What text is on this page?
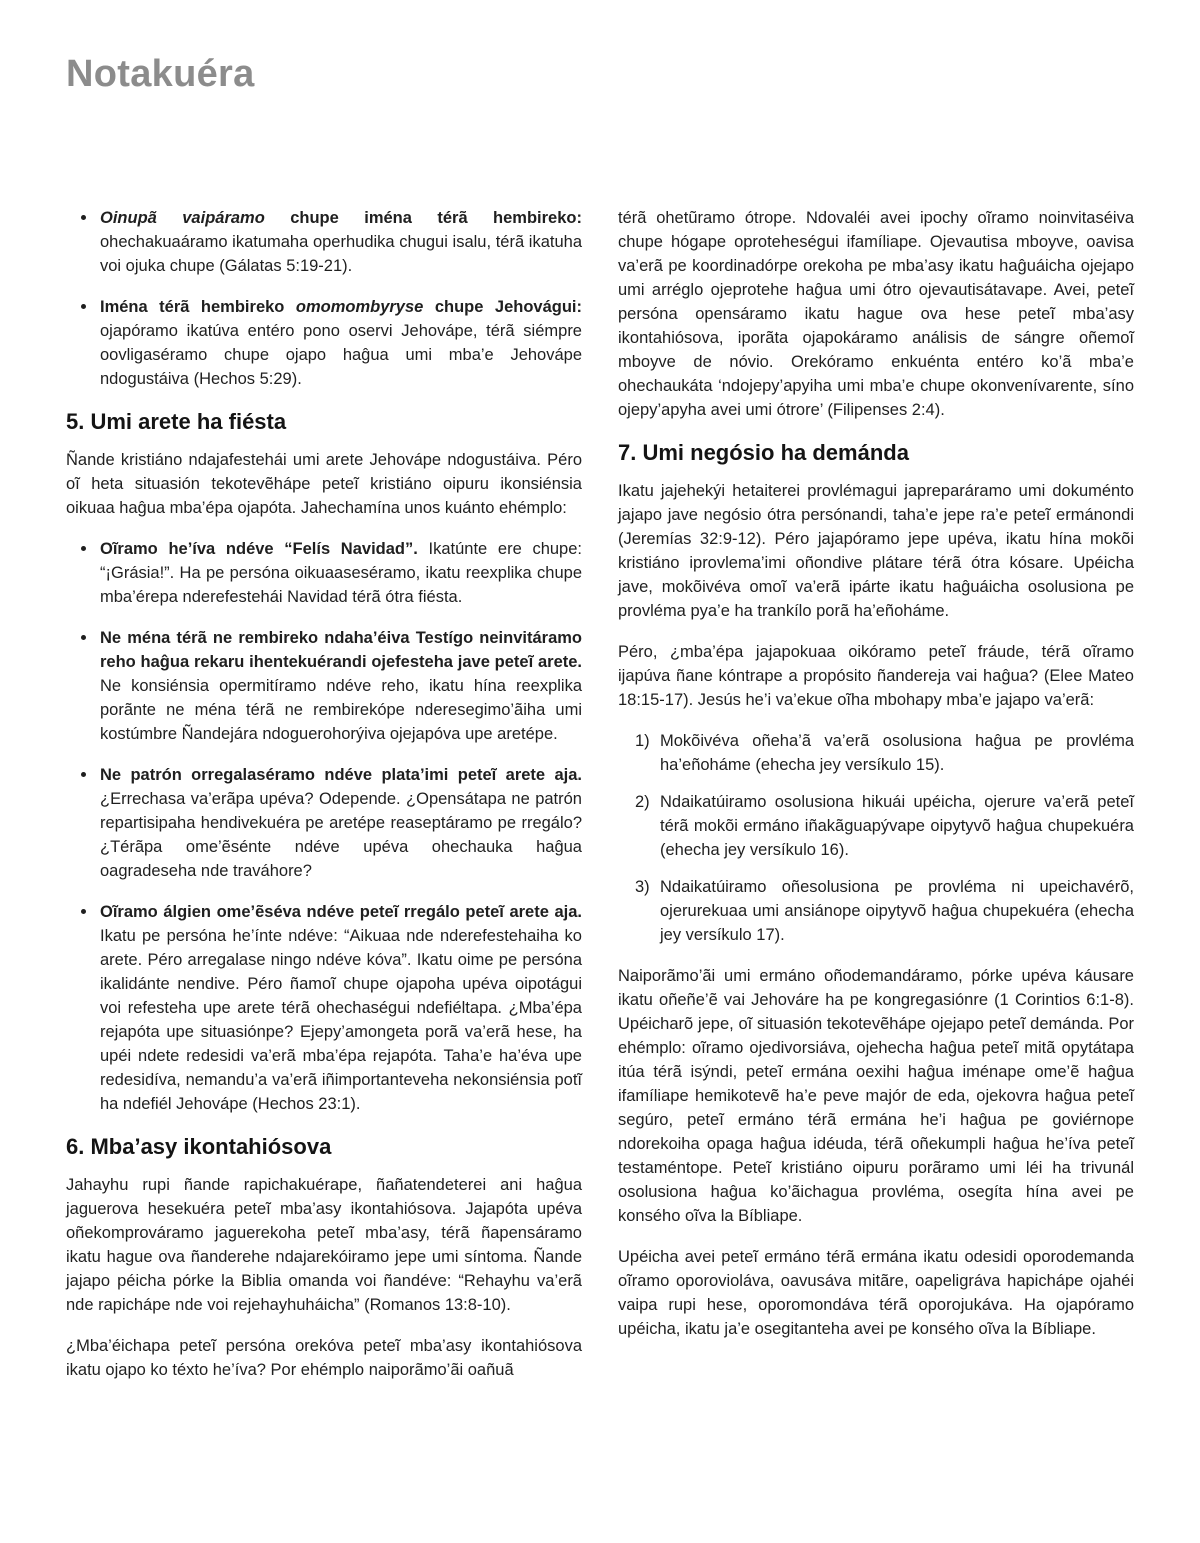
Notakuéra
Oinupã vaipáramo chupe iména térã hembireko: ohechakuaáramo ikatumaha operhudika chugui isalu, térã ikatuha voi ojuka chupe (Gálatas 5:19-21).
Iména térã hembireko omomombyryse chupe Jehovágui: ojapóramo ikatúva entéro pono oservi Jehovápe, térã siémpre oovligaséramo chupe ojapo haĝua umi mba’e Jehovápe ndogustáiva (Hechos 5:29).
5. Umi arete ha fiésta

Ñande kristiáno ndajafestehái umi arete Jehovápe ndogustáiva. Péro oĩ heta situasión tekotevẽhápe peteĩ kristiáno oipuru ikonsiénsia oikuaa haĝua mba’épa ojapóta. Jahechamína unos kuánto ehémplo:

Oĩramo he’íva ndéve “Felís Navidad”. Ikatúnte ere chupe: “¡Grásia!”. Ha pe persóna oikuaaseséramo, ikatu reexplika chupe mba’érepa nderefestehái Navidad térã ótra fiésta.
Ne ména térã ne rembireko ndaha’éiva Testígo neinvitáramo reho haĝua rekaru ihentekuérandi ojefesteha jave peteĩ arete. Ne konsiénsia opermitíramo ndéve reho, ikatu hína reexplika porãnte ne ména térã ne rembirekópe nderesegimo’ãiha umi kostúmbre Ñandejára ndoguerohorýiva ojejapóva upe aretépe.
Ne patrón orregalaséramo ndéve plata’imi peteĩ arete aja. ¿Errechasa va’erãpa upéva? Odepende. ¿Opensátapa ne patrón repartisipaha hendivekuéra pe aretépe reaseptáramo pe rregálo? ¿Térãpa ome’ẽsénte ndéve upéva ohechauka haĝua oagradeseha nde traváhore?
Oĩramo álgien ome’ẽséva ndéve peteĩ rregálo peteĩ arete aja. Ikatu pe persóna he’ínte ndéve: “Aikuaa nde nderefestehaiha ko arete. Péro arregalase ningo ndéve kóva”. Ikatu oime pe persóna ikalidánte nendive. Péro ñamoĩ chupe ojapoha upéva oipotágui voi refesteha upe arete térã ohechaségui ndefiéltapa. ¿Mba’épa rejapóta upe situasiónpe? Ejepy’amongeta porã va’erã hese, ha upéi ndete redesidi va’erã mba’épa rejapóta. Taha’e ha’éva upe redesidíva, nemandu’a va’erã iñimportanteveha nekonsiénsia potĩ ha ndefiél Jehovápe (Hechos 23:1).
6. Mba’asy ikontahiósova

Jahayhu rupi ñande rapichakuérape, ñañatendeterei ani haĝua jaguerova hesekuéra peteĩ mba’asy ikontahiósova. Jajapóta upéva oñekomprováramo jaguerekoha peteĩ mba’asy, térã ñapensáramo ikatu hague ova ñanderehe ndajarekóiramo jepe umi síntoma. Ñande jajapo péicha pórke la Biblia omanda voi ñandéve: “Rehayhu va’erã nde rapichápe nde voi rejehayhuháicha” (Romanos 13:8-10).

¿Mba’éichapa peteĩ persóna orekóva peteĩ mba’asy ikontahiósova ikatu ojapo ko téxto he’íva? Por ehémplo naiporãmo’ãi oañuã

térã ohetũramo ótrope. Ndovaléi avei ipochy oĩramo noinvitaséiva chupe hógape oproteheségui ifamíliape. Ojevautisa mboyve, oavisa va’erã pe koordinadórpe orekoha pe mba’asy ikatu haĝuáicha ojejapo umi arréglo ojeprotehe haĝua umi ótro ojevautisátavape. Avei, peteĩ persóna opensáramo ikatu hague ova hese peteĩ mba’asy ikontahiósova, iporãta ojapokáramo análisis de sángre oñemoĩ mboyve de nóvio. Orekóramo enkuénta entéro ko’ã mba’e ohechaukáta ‘ndojepy’apyiha umi mba’e chupe okonvenívarente, síno ojepy’apyha avei umi ótrore’ (Filipenses 2:4).

7. Umi negósio ha demánda

Ikatu jajehekýi hetaiterei provlémagui japreparáramo umi dokuménto jajapo jave negósio ótra persónandi, taha’e jepe ra’e peteĩ ermánondi (Jeremías 32:9-12). Péro jajapóramo jepe upéva, ikatu hína mokõi kristiáno iprovlema’imi oñondive plátare térã ótra kósare. Upéicha jave, mokõivéva omoĩ va’erã ipárte ikatu haĝuáicha osolusiona pe provléma pya’e ha trankílo porã ha’eñoháme.

Péro, ¿mba’épa jajapokuaa oikóramo peteĩ fráude, térã oĩramo ijapúva ñane kóntrape a propósito ñandereja vai haĝua? (Elee Mateo 18:15-17). Jesús he’i va’ekue oĩha mbohapy mba’e jajapo va’erã:

1) Mokõivéva oñeha’ã va’erã osolusiona haĝua pe provléma ha’eñoháme (ehecha jey versíkulo 15).
2) Ndaikatúiramo osolusiona hikuái upéicha, ojerure va’erã peteĩ térã mokõi ermáno iñakãguapývape oipytyvõ haĝua chupekuéra (ehecha jey versíkulo 16).
3) Ndaikatúiramo oñesolusiona pe provléma ni upeichavérõ, ojerurekuaa umi ansiánope oipytyvõ haĝua chupekuéra (ehecha jey versíkulo 17).

Naiporãmo’ãi umi ermáno oñodemandáramo, pórke upéva káusare ikatu oñeñe’ẽ vai Jehováre ha pe kongregasiónre (1 Corintios 6:1-8). Upéicharõ jepe, oĩ situasión tekotevẽhápe ojejapo peteĩ demánda. Por ehémplo: oĩramo ojedivorsiáva, ojehecha haĝua peteĩ mitã opytátapa itúa térã isýndi, peteĩ ermána oexihi haĝua iménape ome’ẽ haĝua ifamíliape hemikotevẽ ha’e peve majór de eda, ojekovra haĝua peteĩ segúro, peteĩ ermáno térã ermána he’i haĝua pe goviérnope ndorekoiha opaga haĝua idéuda, térã oñekumpli haĝua he’íva peteĩ testaméntope. Peteĩ kristiáno oipuru porãramo umi léi ha trivunál osolusiona haĝua ko’ãichagua provléma, osegíta hína avei pe konsého oĩva la Bíbliape.

Upéicha avei peteĩ ermáno térã ermána ikatu odesidi oporodemanda oĩramo oporovioláva, oavusáva mitãre, oapeligráva hapichápe ojahéi vaipa rupi hese, oporomondáva térã oporojukáva. Ha ojapóramo upéicha, ikatu ja’e osegitanteha avei pe konsého oĩva la Bíbliape.
